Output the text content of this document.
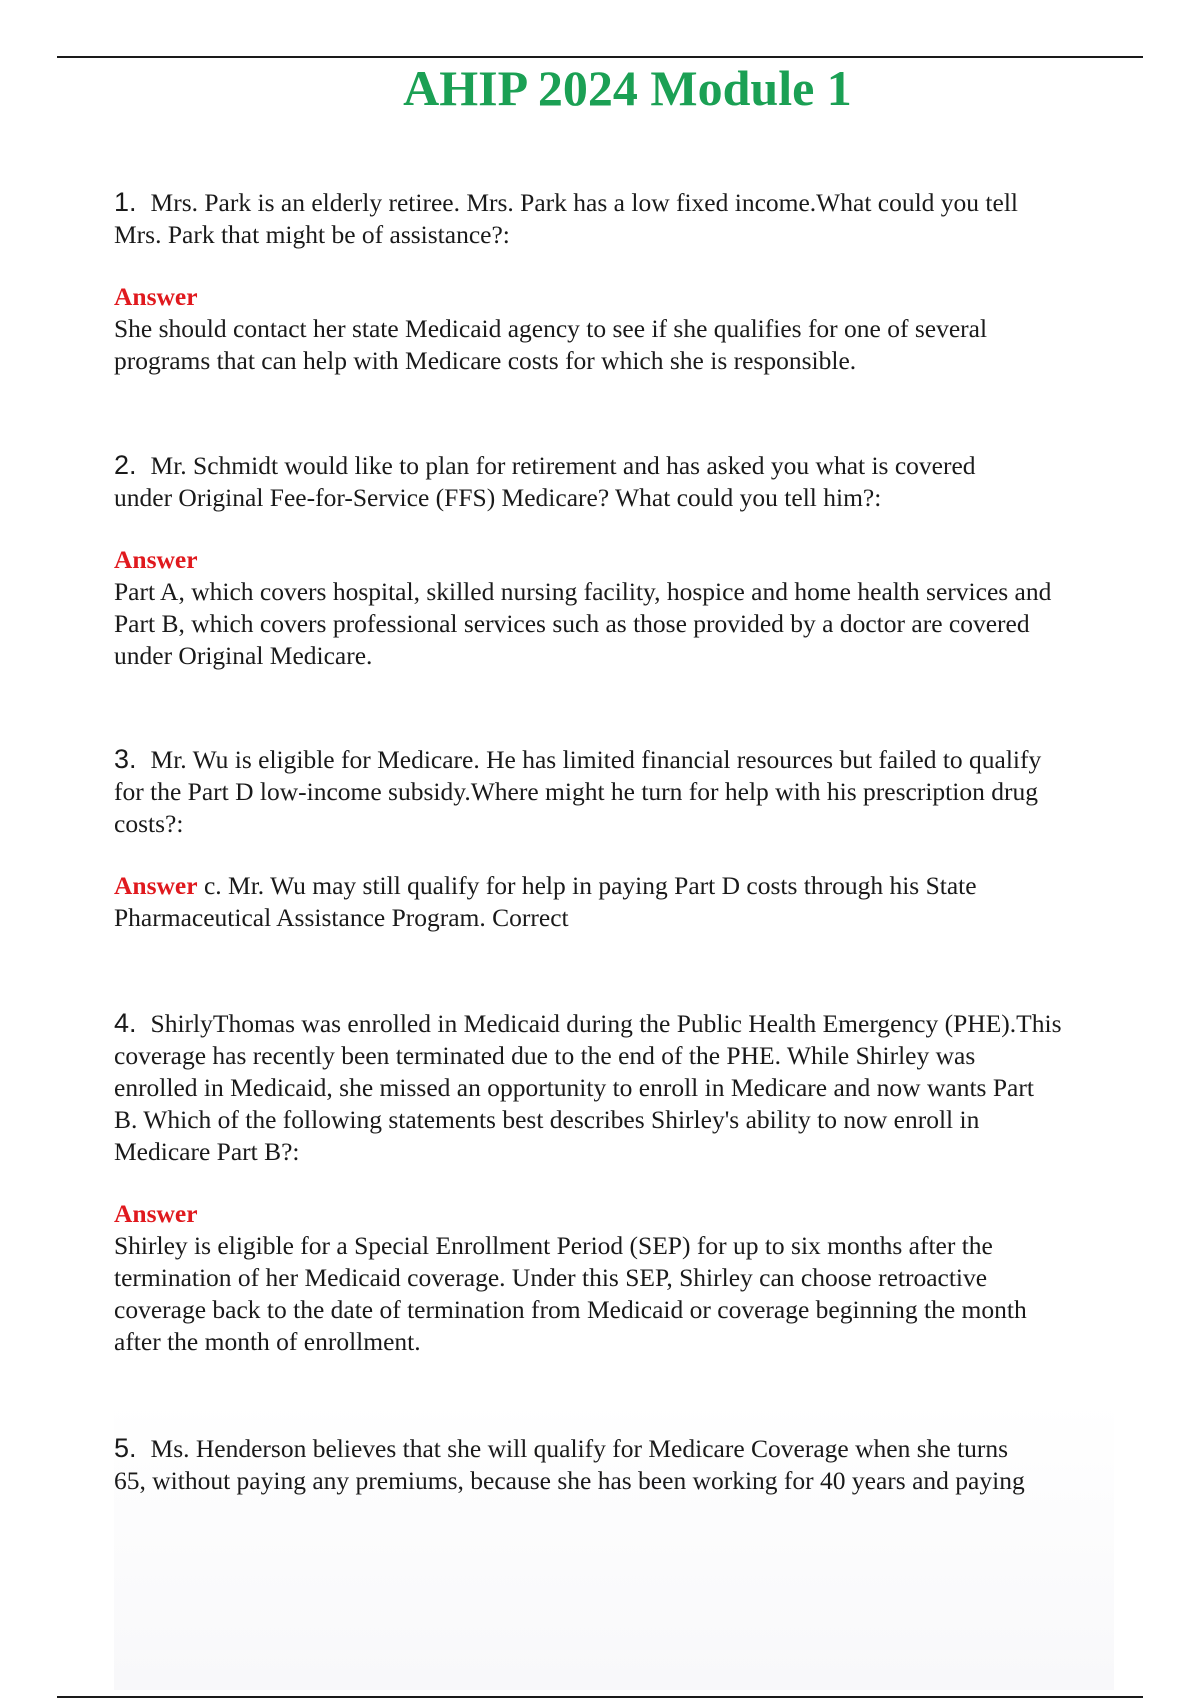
AHIP 2024 Module 1

1. Mrs. Park is an elderly retiree. Mrs. Park has a low fixed income.What could you tell
Mrs. Park that might be of assistance?:

Answer
She should contact her state Medicaid agency to see if she qualifies for one of several
programs that can help with Medicare costs for which she is responsible.

2. Mr. Schmidt would like to plan for retirement and has asked you what is covered
under Original Fee-for-Service (FFS) Medicare? What could you tell him?:

Answer
Part A, which covers hospital, skilled nursing facility, hospice and home health services and
Part B, which covers professional services such as those provided by a doctor are covered
under Original Medicare.

3. Mr. Wu is eligible for Medicare. He has limited financial resources but failed to qualify
for the Part D low-income subsidy.Where might he turn for help with his prescription drug
costs?:

Answer c. Mr. Wu may still qualify for help in paying Part D costs through his State
Pharmaceutical Assistance Program. Correct

4. ShirlyThomas was enrolled in Medicaid during the Public Health Emergency (PHE).This
coverage has recently been terminated due to the end of the PHE. While Shirley was
enrolled in Medicaid, she missed an opportunity to enroll in Medicare and now wants Part
B. Which of the following statements best describes Shirley's ability to now enroll in
Medicare Part B?:

Answer
Shirley is eligible for a Special Enrollment Period (SEP) for up to six months after the
termination of her Medicaid coverage. Under this SEP, Shirley can choose retroactive
coverage back to the date of termination from Medicaid or coverage beginning the month
after the month of enrollment.

5. Ms. Henderson believes that she will qualify for Medicare Coverage when she turns
65, without paying any premiums, because she has been working for 40 years and paying
